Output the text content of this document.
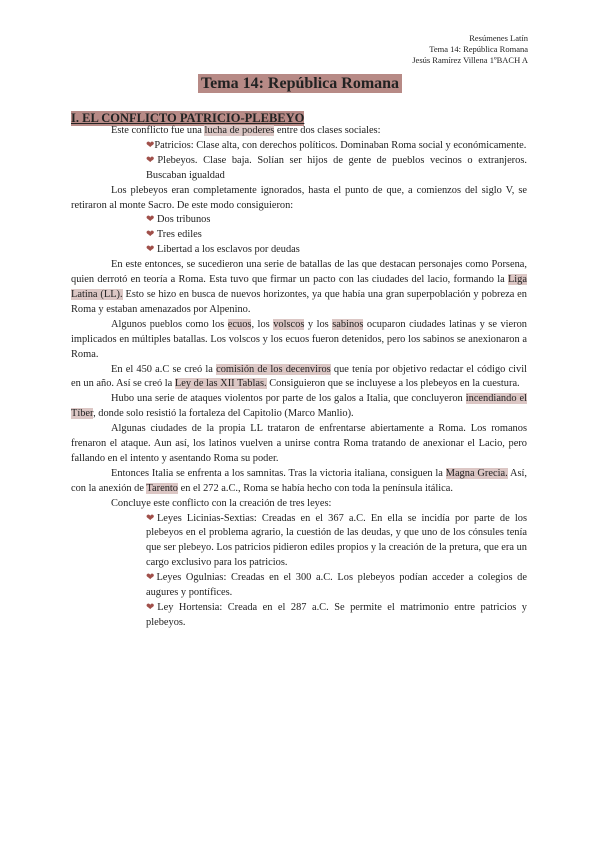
Resúmenes Latín
Tema 14: República Romana
Jesús Ramírez Villena 1ºBACH A
Tema 14: República Romana
I. EL CONFLICTO PATRICIO-PLEBEYO

Este conflicto fue una lucha de poderes entre dos clases sociales:

❤Patricios: Clase alta, con derechos políticos. Dominaban Roma social y económicamente.

❤Plebeyos. Clase baja. Solían ser hijos de gente de pueblos vecinos o extranjeros. Buscaban igualdad

Los plebeyos eran completamente ignorados, hasta el punto de que, a comienzos del siglo V, se retiraron al monte Sacro. De este modo consiguieron:

❤ Dos tribunos

❤ Tres ediles

❤ Libertad a los esclavos por deudas

En este entonces, se sucedieron una serie de batallas de las que destacan personajes como Porsena, quien derrotó en teoría a Roma. Esta tuvo que firmar un pacto con las ciudades del lacio, formando la Liga Latina (LL). Esto se hizo en busca de nuevos horizontes, ya que había una gran superpoblación y pobreza en Roma y estaban amenazados por Alpenino.

Algunos pueblos como los ecuos, los volscos y los sabinos ocuparon ciudades latinas y se vieron implicados en múltiples batallas. Los volscos y los ecuos fueron detenidos, pero los sabinos se anexionaron a Roma.

En el 450 a.C se creó la comisión de los decenviros que tenía por objetivo redactar el código civil en un año. Así se creó la Ley de las XII Tablas. Consiguieron que se incluyese a los plebeyos en la cuestura.

Hubo una serie de ataques violentos por parte de los galos a Italia, que concluyeron incendiando el Tíber, donde solo resistió la fortaleza del Capitolio (Marco Manlio).

Algunas ciudades de la propia LL trataron de enfrentarse abiertamente a Roma. Los romanos frenaron el ataque. Aun así, los latinos vuelven a unirse contra Roma tratando de anexionar el Lacio, pero fallando en el intento y asentando Roma su poder.

Entonces Italia se enfrenta a los samnitas. Tras la victoria italiana, consiguen la Magna Grecia. Así, con la anexión de Tarento en el 272 a.C., Roma se había hecho con toda la península itálica.

Concluye este conflicto con la creación de tres leyes:

❤Leyes Licinias-Sextias: Creadas en el 367 a.C. En ella se incidía por parte de los plebeyos en el problema agrario, la cuestión de las deudas, y que uno de los cónsules tenía que ser plebeyo. Los patricios pidieron ediles propios y la creación de la pretura, que era un cargo exclusivo para los patricios.

❤Leyes Ogulnias: Creadas en el 300 a.C. Los plebeyos podían acceder a colegios de augures y pontífices.

❤Ley Hortensia: Creada en el 287 a.C. Se permite el matrimonio entre patricios y plebeyos.
